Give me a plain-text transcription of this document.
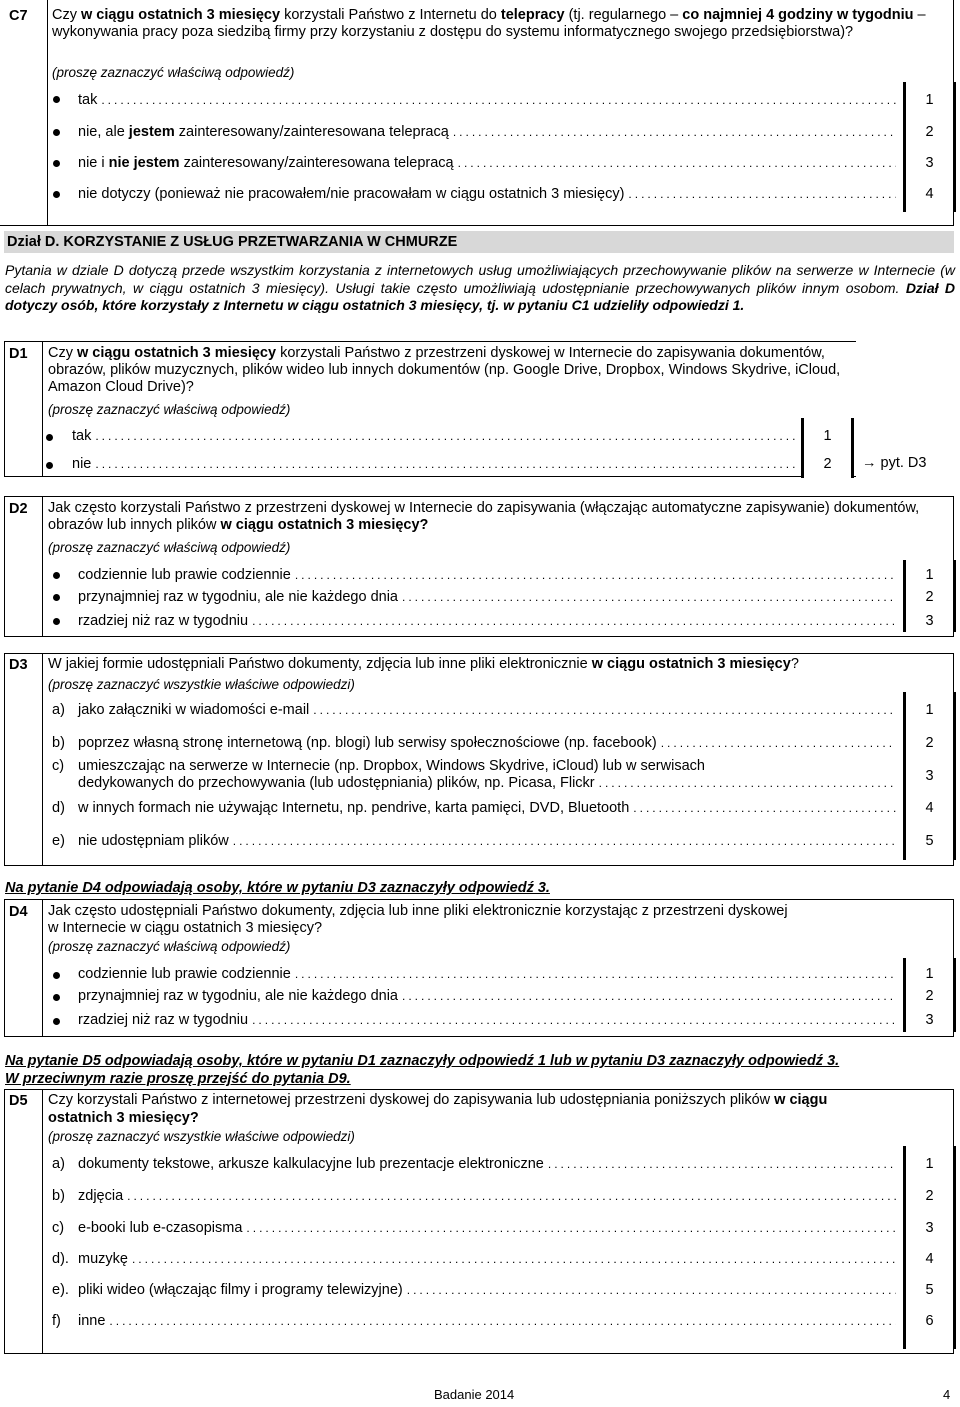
C7 Czy w ciągu ostatnich 3 miesięcy korzystali Państwo z Internetu do telepracy (tj. regularnego – co najmniej 4 godziny w tygodniu – wykonywania pracy poza siedzibą firmy przy korzystaniu z dostępu do systemu informatycznego swojego przedsiębiorstwa)?
(proszę zaznaczyć właściwą odpowiedź)
tak .....	1
nie, ale jestem zainteresowany/zainteresowana telepracą .....	2
nie i nie jestem zainteresowany/zainteresowana telepracą .....	3
nie dotyczy (ponieważ nie pracowałem/nie pracowałam w ciągu ostatnich 3 miesięcy) .....	4
Dział D. KORZYSTANIE Z USŁUG PRZETWARZANIA W CHMURZE
Pytania w dziale D dotyczą przede wszystkim korzystania z internetowych usług umożliwiających przechowywanie plików na serwerze w Internecie (w celach prywatnych, w ciągu ostatnich 3 miesięcy). Usługi takie często umożliwiają udostępnianie przechowywanych plików innym osobom. Dział D dotyczy osób, które korzystały z Internetu w ciągu ostatnich 3 miesięcy, tj. w pytaniu C1 udzieliły odpowiedzi 1.
D1 Czy w ciągu ostatnich 3 miesięcy korzystali Państwo z przestrzeni dyskowej w Internecie do zapisywania dokumentów, obrazów, plików muzycznych, plików wideo lub innych dokumentów (np. Google Drive, Dropbox, Windows Skydrive, iCloud, Amazon Cloud Drive)?
(proszę zaznaczyć właściwą odpowiedź)
tak .....	1
nie .....	2	→ pyt. D3
D2 Jak często korzystali Państwo z przestrzeni dyskowej w Internecie do zapisywania (włączając automatyczne zapisywanie) dokumentów, obrazów lub innych plików w ciągu ostatnich 3 miesięcy?
(proszę zaznaczyć właściwą odpowiedź)
codziennie lub prawie codziennie .....	1
przynajmniej raz w tygodniu, ale nie każdego dnia .....	2
rzadziej niż raz w tygodniu .....	3
D3 W jakiej formie udostępniali Państwo dokumenty, zdjęcia lub inne pliki elektronicznie w ciągu ostatnich 3 miesięcy?
(proszę zaznaczyć wszystkie właściwe odpowiedzi)
a) jako załączniki w wiadomości e-mail .....	1
b) poprzez własną stronę internetową (np. blogi) lub serwisy społecznościowe (np. facebook) .....	2
c) umieszczając na serwerze w Internecie (np. Dropbox, Windows Skydrive, iCloud) lub w serwisach
dedykowanych do przechowywania (lub udostępniania) plików, np. Picasa, Flickr .....	3
d) w innych formach nie używając Internetu, np. pendrive, karta pamięci, DVD, Bluetooth .....	4
e) nie udostępniam plików .....	5
Na pytanie D4 odpowiadają osoby, które w pytaniu D3 zaznaczyły odpowiedź 3.
D4 Jak często udostępniali Państwo dokumenty, zdjęcia lub inne pliki elektronicznie korzystając z przestrzeni dyskowej
w Internecie w ciągu ostatnich 3 miesięcy?
(proszę zaznaczyć właściwą odpowiedź)
codziennie lub prawie codziennie .....	1
przynajmniej raz w tygodniu, ale nie każdego dnia .....	2
rzadziej niż raz w tygodniu .....	3
Na pytanie D5 odpowiadają osoby, które w pytaniu D1 zaznaczyły odpowiedź 1 lub w pytaniu D3 zaznaczyły odpowiedź 3.
W przeciwnym razie proszę przejść do pytania D9.
D5 Czy korzystali Państwo z internetowej przestrzeni dyskowej do zapisywania lub udostępniania poniższych plików w ciągu
ostatnich 3 miesięcy?
(proszę zaznaczyć wszystkie właściwe odpowiedzi)
a) dokumenty tekstowe, arkusze kalkulacyjne lub prezentacje elektroniczne .....	1
b) zdjęcia .....	2
c) e-booki lub e-czasopisma .....	3
d). muzykę .....	4
e). pliki wideo (włączając filmy i programy telewizyjne) .....	5
f) inne .....	6
Badanie 2014	4
